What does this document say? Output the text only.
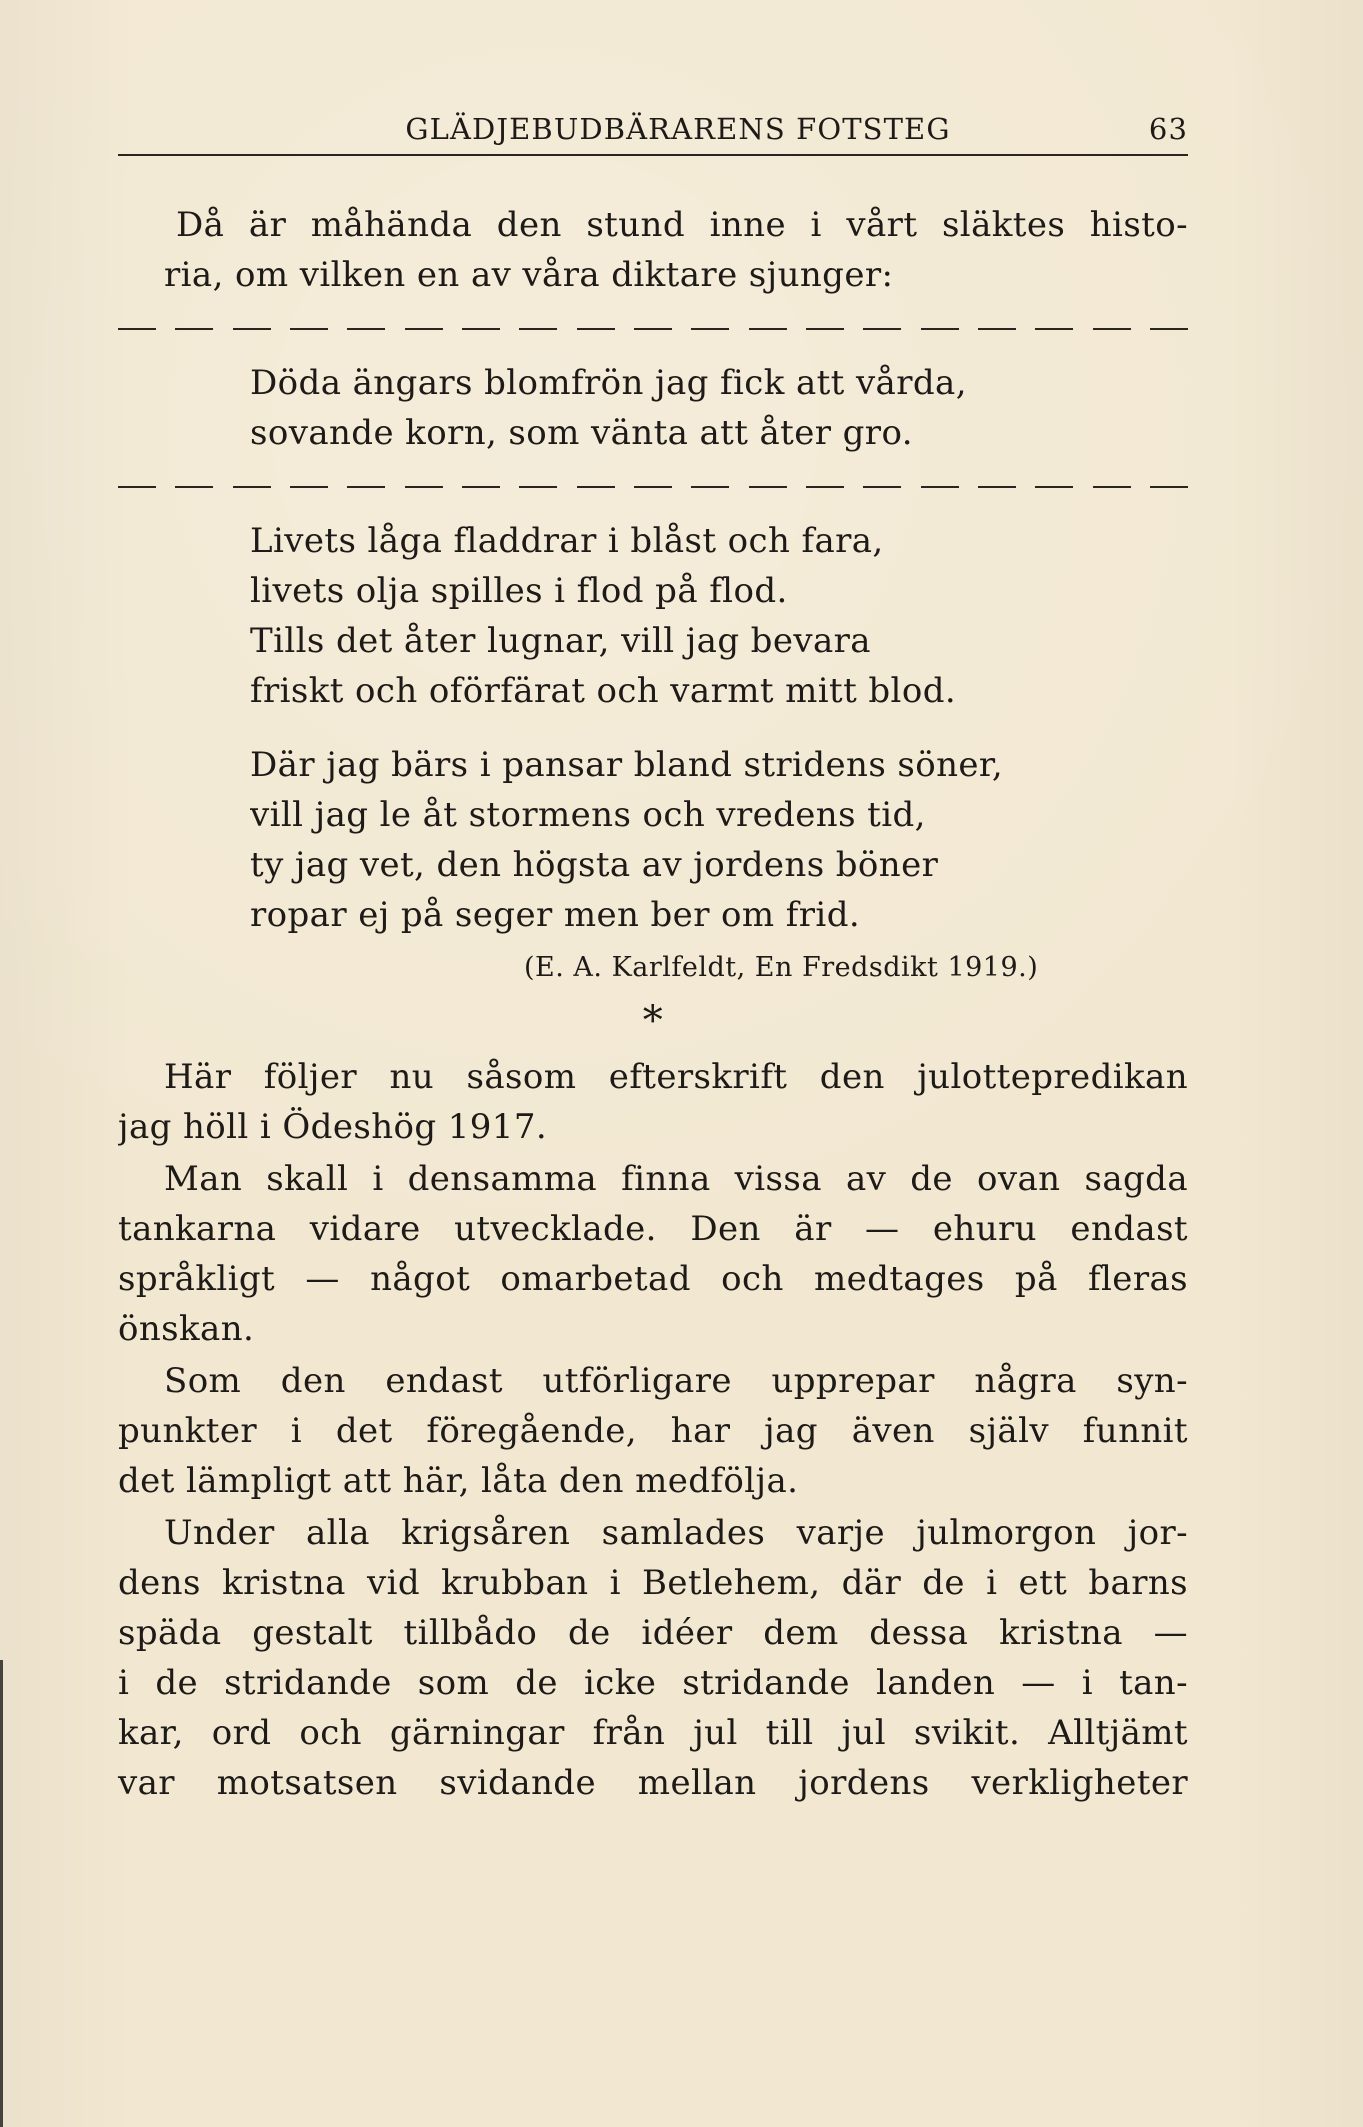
GLÄDJEBUDBÄRARENS FOTSTEG	63
Då är måhända den stund inne i vårt släktes histo-
ria, om vilken en av våra diktare sjunger:
Döda ängars blomfrön jag fick att vårda,
sovande korn, som vänta att åter gro.
Livets låga fladdrar i blåst och fara,
livets olja spilles i flod på flod.
Tills det åter lugnar, vill jag bevara
friskt och oförfärat och varmt mitt blod.
Där jag bärs i pansar bland stridens söner,
vill jag le åt stormens och vredens tid,
ty jag vet, den högsta av jordens böner
ropar ej på seger men ber om frid.
(E. A. Karlfeldt, En Fredsdikt 1919.)
*
Här följer nu såsom efterskrift den julottepredikan
jag höll i Ödeshög 1917.
Man skall i densamma finna vissa av de ovan sagda
tankarna vidare utvecklade. Den är — ehuru endast
språkligt — något omarbetad och medtages på fleras
önskan.
Som den endast utförligare upprepar några syn-
punkter i det föregående, har jag även själv funnit
det lämpligt att här, låta den medfölja.
Under alla krigsåren samlades varje julmorgon jor-
dens kristna vid krubban i Betlehem, där de i ett barns
späda gestalt tillbådo de idéer dem dessa kristna —
i de stridande som de icke stridande landen — i tan-
kar, ord och gärningar från jul till jul svikit. Alltjämt
var motsatsen svidande mellan jordens verkligheter
